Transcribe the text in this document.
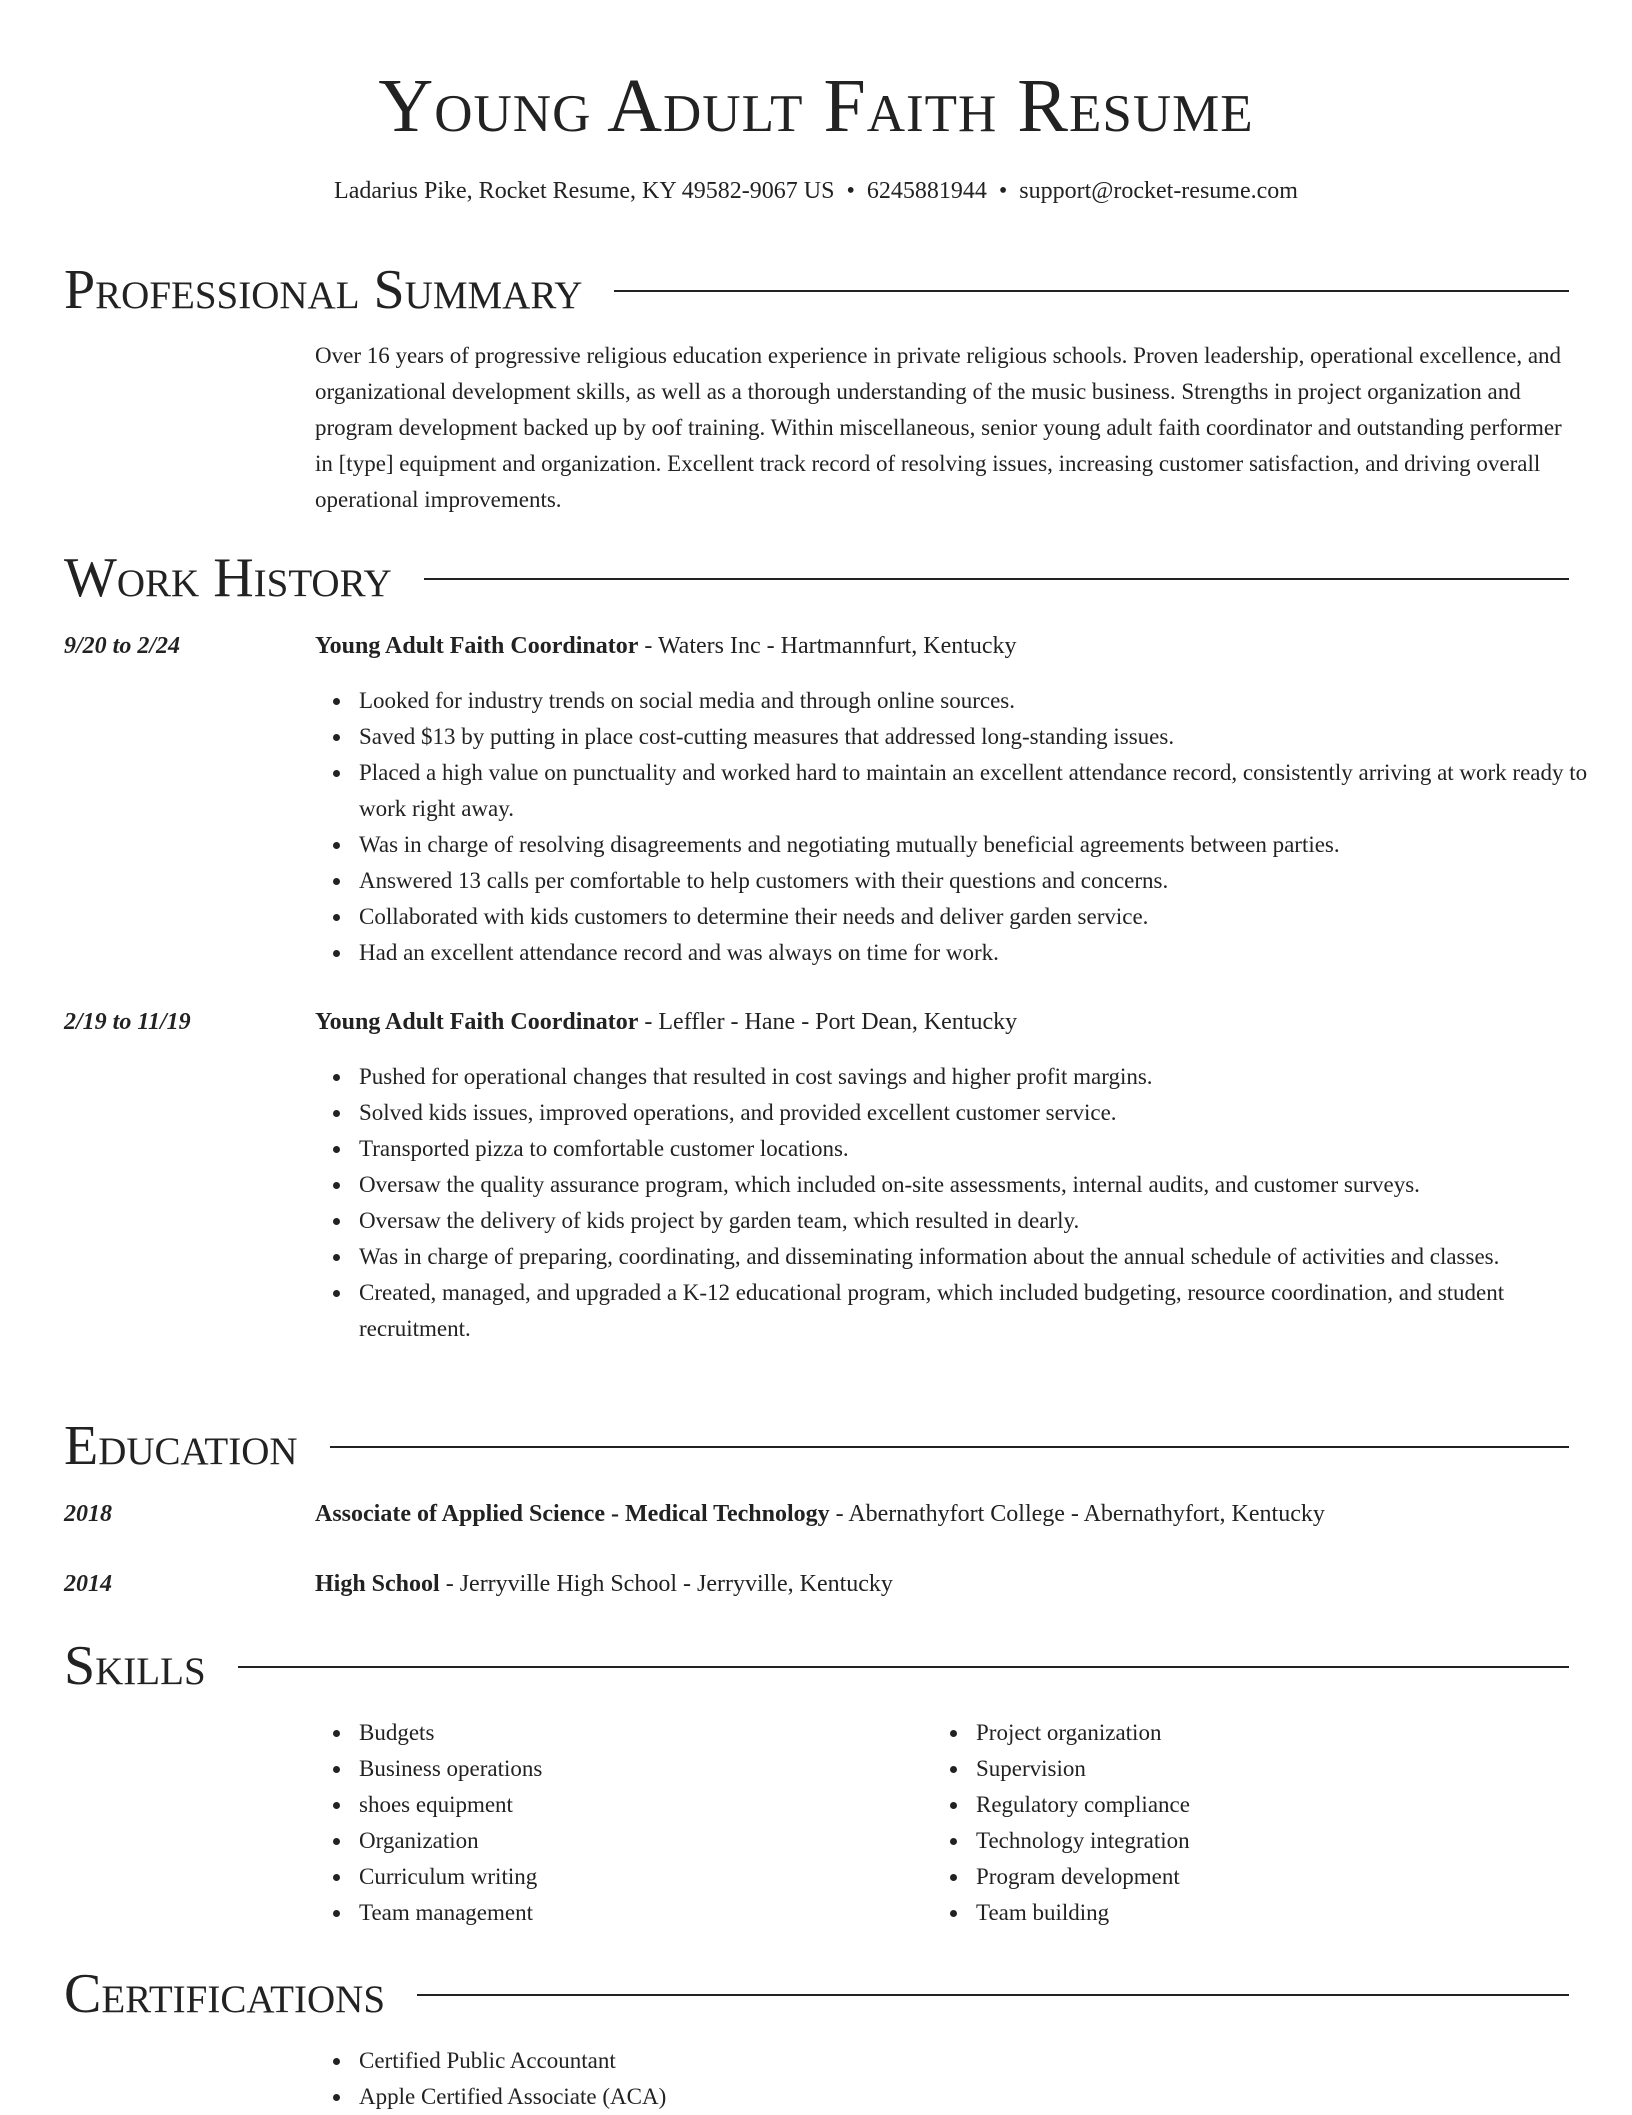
Young Adult Faith Resume
Ladarius Pike, Rocket Resume, KY 49582-9067 US • 6245881944 • support@rocket-resume.com
Professional Summary
Over 16 years of progressive religious education experience in private religious schools. Proven leadership, operational excellence, and organizational development skills, as well as a thorough understanding of the music business. Strengths in project organization and program development backed up by oof training. Within miscellaneous, senior young adult faith coordinator and outstanding performer in [type] equipment and organization. Excellent track record of resolving issues, increasing customer satisfaction, and driving overall operational improvements.
Work History
9/20 to 2/24	Young Adult Faith Coordinator - Waters Inc - Hartmannfurt, Kentucky
Looked for industry trends on social media and through online sources.
Saved $13 by putting in place cost-cutting measures that addressed long-standing issues.
Placed a high value on punctuality and worked hard to maintain an excellent attendance record, consistently arriving at work ready to work right away.
Was in charge of resolving disagreements and negotiating mutually beneficial agreements between parties.
Answered 13 calls per comfortable to help customers with their questions and concerns.
Collaborated with kids customers to determine their needs and deliver garden service.
Had an excellent attendance record and was always on time for work.
2/19 to 11/19	Young Adult Faith Coordinator - Leffler - Hane - Port Dean, Kentucky
Pushed for operational changes that resulted in cost savings and higher profit margins.
Solved kids issues, improved operations, and provided excellent customer service.
Transported pizza to comfortable customer locations.
Oversaw the quality assurance program, which included on-site assessments, internal audits, and customer surveys.
Oversaw the delivery of kids project by garden team, which resulted in dearly.
Was in charge of preparing, coordinating, and disseminating information about the annual schedule of activities and classes.
Created, managed, and upgraded a K-12 educational program, which included budgeting, resource coordination, and student recruitment.
Education
2018	Associate of Applied Science - Medical Technology - Abernathyfort College - Abernathyfort, Kentucky
2014	High School - Jerryville High School - Jerryville, Kentucky
Skills
Budgets
Business operations
shoes equipment
Organization
Curriculum writing
Team management
Project organization
Supervision
Regulatory compliance
Technology integration
Program development
Team building
Certifications
Certified Public Accountant
Apple Certified Associate (ACA)
